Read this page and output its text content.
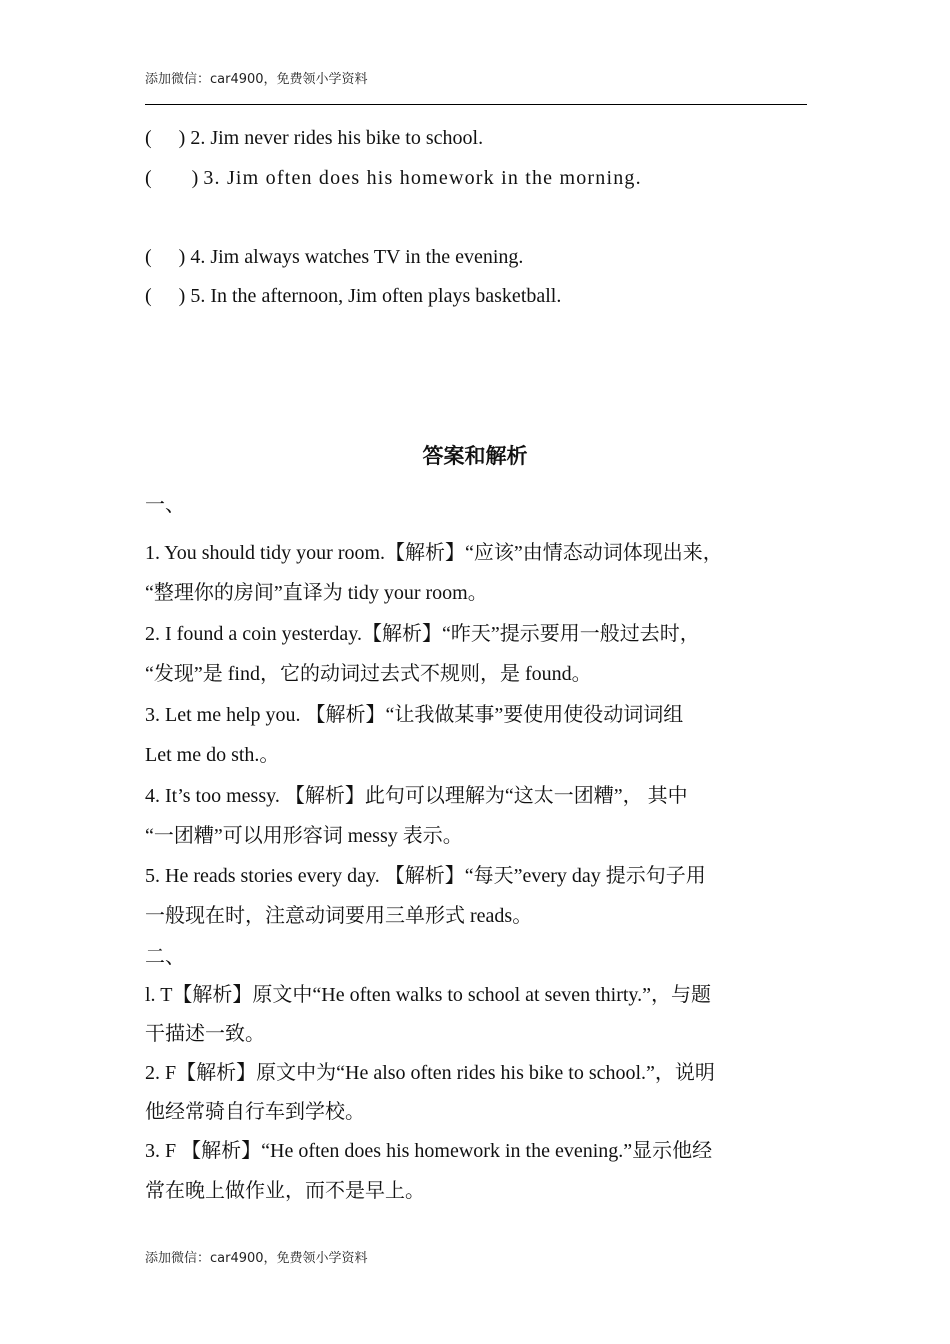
添加微信：car4900，免费领小学资料
( ) 2. Jim never rides his bike to school.
( ) 3. Jim often does his homework in the morning.
( ) 4. Jim always watches TV in the evening.
( ) 5. In the afternoon, Jim often plays basketball.
答案和解析
一、
1. You should tidy your room.【解析】“应该”由情态动词体现出来，
“整理你的房间”直译为 tidy your room。
2. I found a coin yesterday.【解析】“昨天”提示要用一般过去时，
“发现”是 find，它的动词过去式不规则，是 found。
3. Let me help you. 【解析】“让我做某事”要使用使役动词词组
Let me do sth.。
4. It’s too messy. 【解析】此句可以理解为“这太一团糟”， 其中
“一团糟”可以用形容词 messy 表示。
5. He reads stories every day. 【解析】“每天”every day 提示句子用
一般现在时，注意动词要用三单形式 reads。
二、
l. T【解析】原文中“He often walks to school at seven thirty.”，与题
干描述一致。
2. F【解析】原文中为“He also often rides his bike to school.”，说明
他经常骑自行车到学校。
3. F 【解析】“He often does his homework in the evening.”显示他经
常在晚上做作业，而不是早上。
添加微信：car4900，免费领小学资料
